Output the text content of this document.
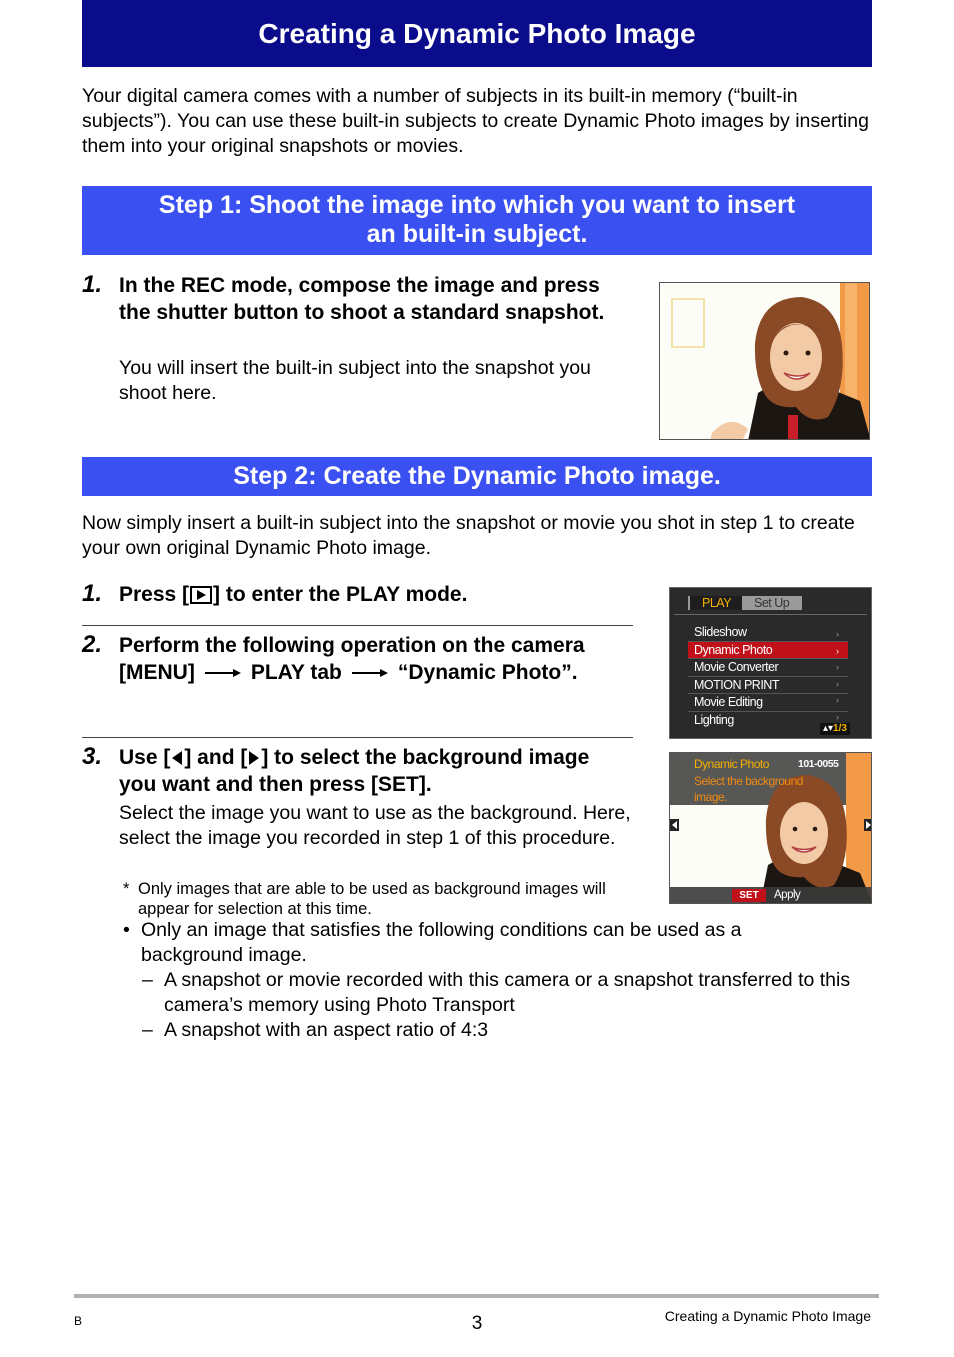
Creating a Dynamic Photo Image
Your digital camera comes with a number of subjects in its built-in memory (“built-in subjects”). You can use these built-in subjects to create Dynamic Photo images by inserting them into your original snapshots or movies.
Step 1: Shoot the image into which you want to insert
an built-in subject.
1. In the REC mode, compose the image and press the shutter button to shoot a standard snapshot.
You will insert the built-in subject into the snapshot you shoot here.
Step 2: Create the Dynamic Photo image.
Now simply insert a built-in subject into the snapshot or movie you shot in step 1 to create your own original Dynamic Photo image.
1. Press [ ] to enter the PLAY mode.
2. Perform the following operation on the camera
[MENU]	PLAY tab	“Dynamic Photo”.
PLAY	Set Up
Slideshow
Dynamic Photo
Movie Converter
MOTION PRINT
Movie Editing
Lighting
›
›
›
›
›
›
▴▾1/3
3. Use [ ] and [ ] to select the background image
you want and then press [SET].
Select the image you want to use as the background. Here, select the image you recorded in step 1 of this procedure.
* Only images that are able to be used as background images will appear for selection at this time.
• Only an image that satisfies the following conditions can be used as a background image.
– A snapshot or movie recorded with this camera or a snapshot transferred to this camera’s memory using Photo Transport
– A snapshot with an aspect ratio of 4:3
Dynamic Photo	101-0055
Select the background
image.
SET	Apply
B	3	Creating a Dynamic Photo Image
